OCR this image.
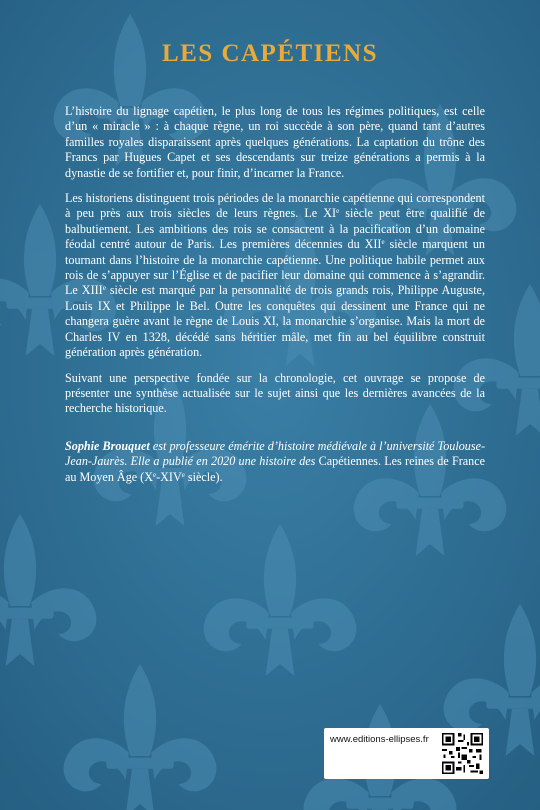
LES CAPÉTIENS

L’histoire du lignage capétien, le plus long de tous les régimes politiques, est celle d’un « miracle » : à chaque règne, un roi succède à son père, quand tant d’autres familles royales disparaissent après quelques générations. La captation du trône des Francs par Hugues Capet et ses descendants sur treize générations a permis à la dynastie de se fortifier et, pour finir, d’incarner la France.

Les historiens distinguent trois périodes de la monarchie capétienne qui correspondent à peu près aux trois siècles de leurs règnes. Le XIe siècle peut être qualifié de balbutiement. Les ambitions des rois se consacrent à la pacification d’un domaine féodal centré autour de Paris. Les premières décennies du XIIe siècle marquent un tournant dans l’histoire de la monarchie capétienne. Une politique habile permet aux rois de s’appuyer sur l’Église et de pacifier leur domaine qui commence à s’agrandir. Le XIIIe siècle est marqué par la personnalité de trois grands rois, Philippe Auguste, Louis IX et Philippe le Bel. Outre les conquêtes qui dessinent une France qui ne changera guère avant le règne de Louis XI, la monarchie s’organise. Mais la mort de Charles IV en 1328, décédé sans héritier mâle, met fin au bel équilibre construit génération après génération.

Suivant une perspective fondée sur la chronologie, cet ouvrage se propose de présenter une synthèse actualisée sur le sujet ainsi que les dernières avancées de la recherche historique.

Sophie Brouquet est professeure émérite d’histoire médiévale à l’université Toulouse-Jean-Jaurès. Elle a publié en 2020 une histoire des Capétiennes. Les reines de France au Moyen Âge (Xe-XIVe siècle).

www.editions-ellipses.fr
